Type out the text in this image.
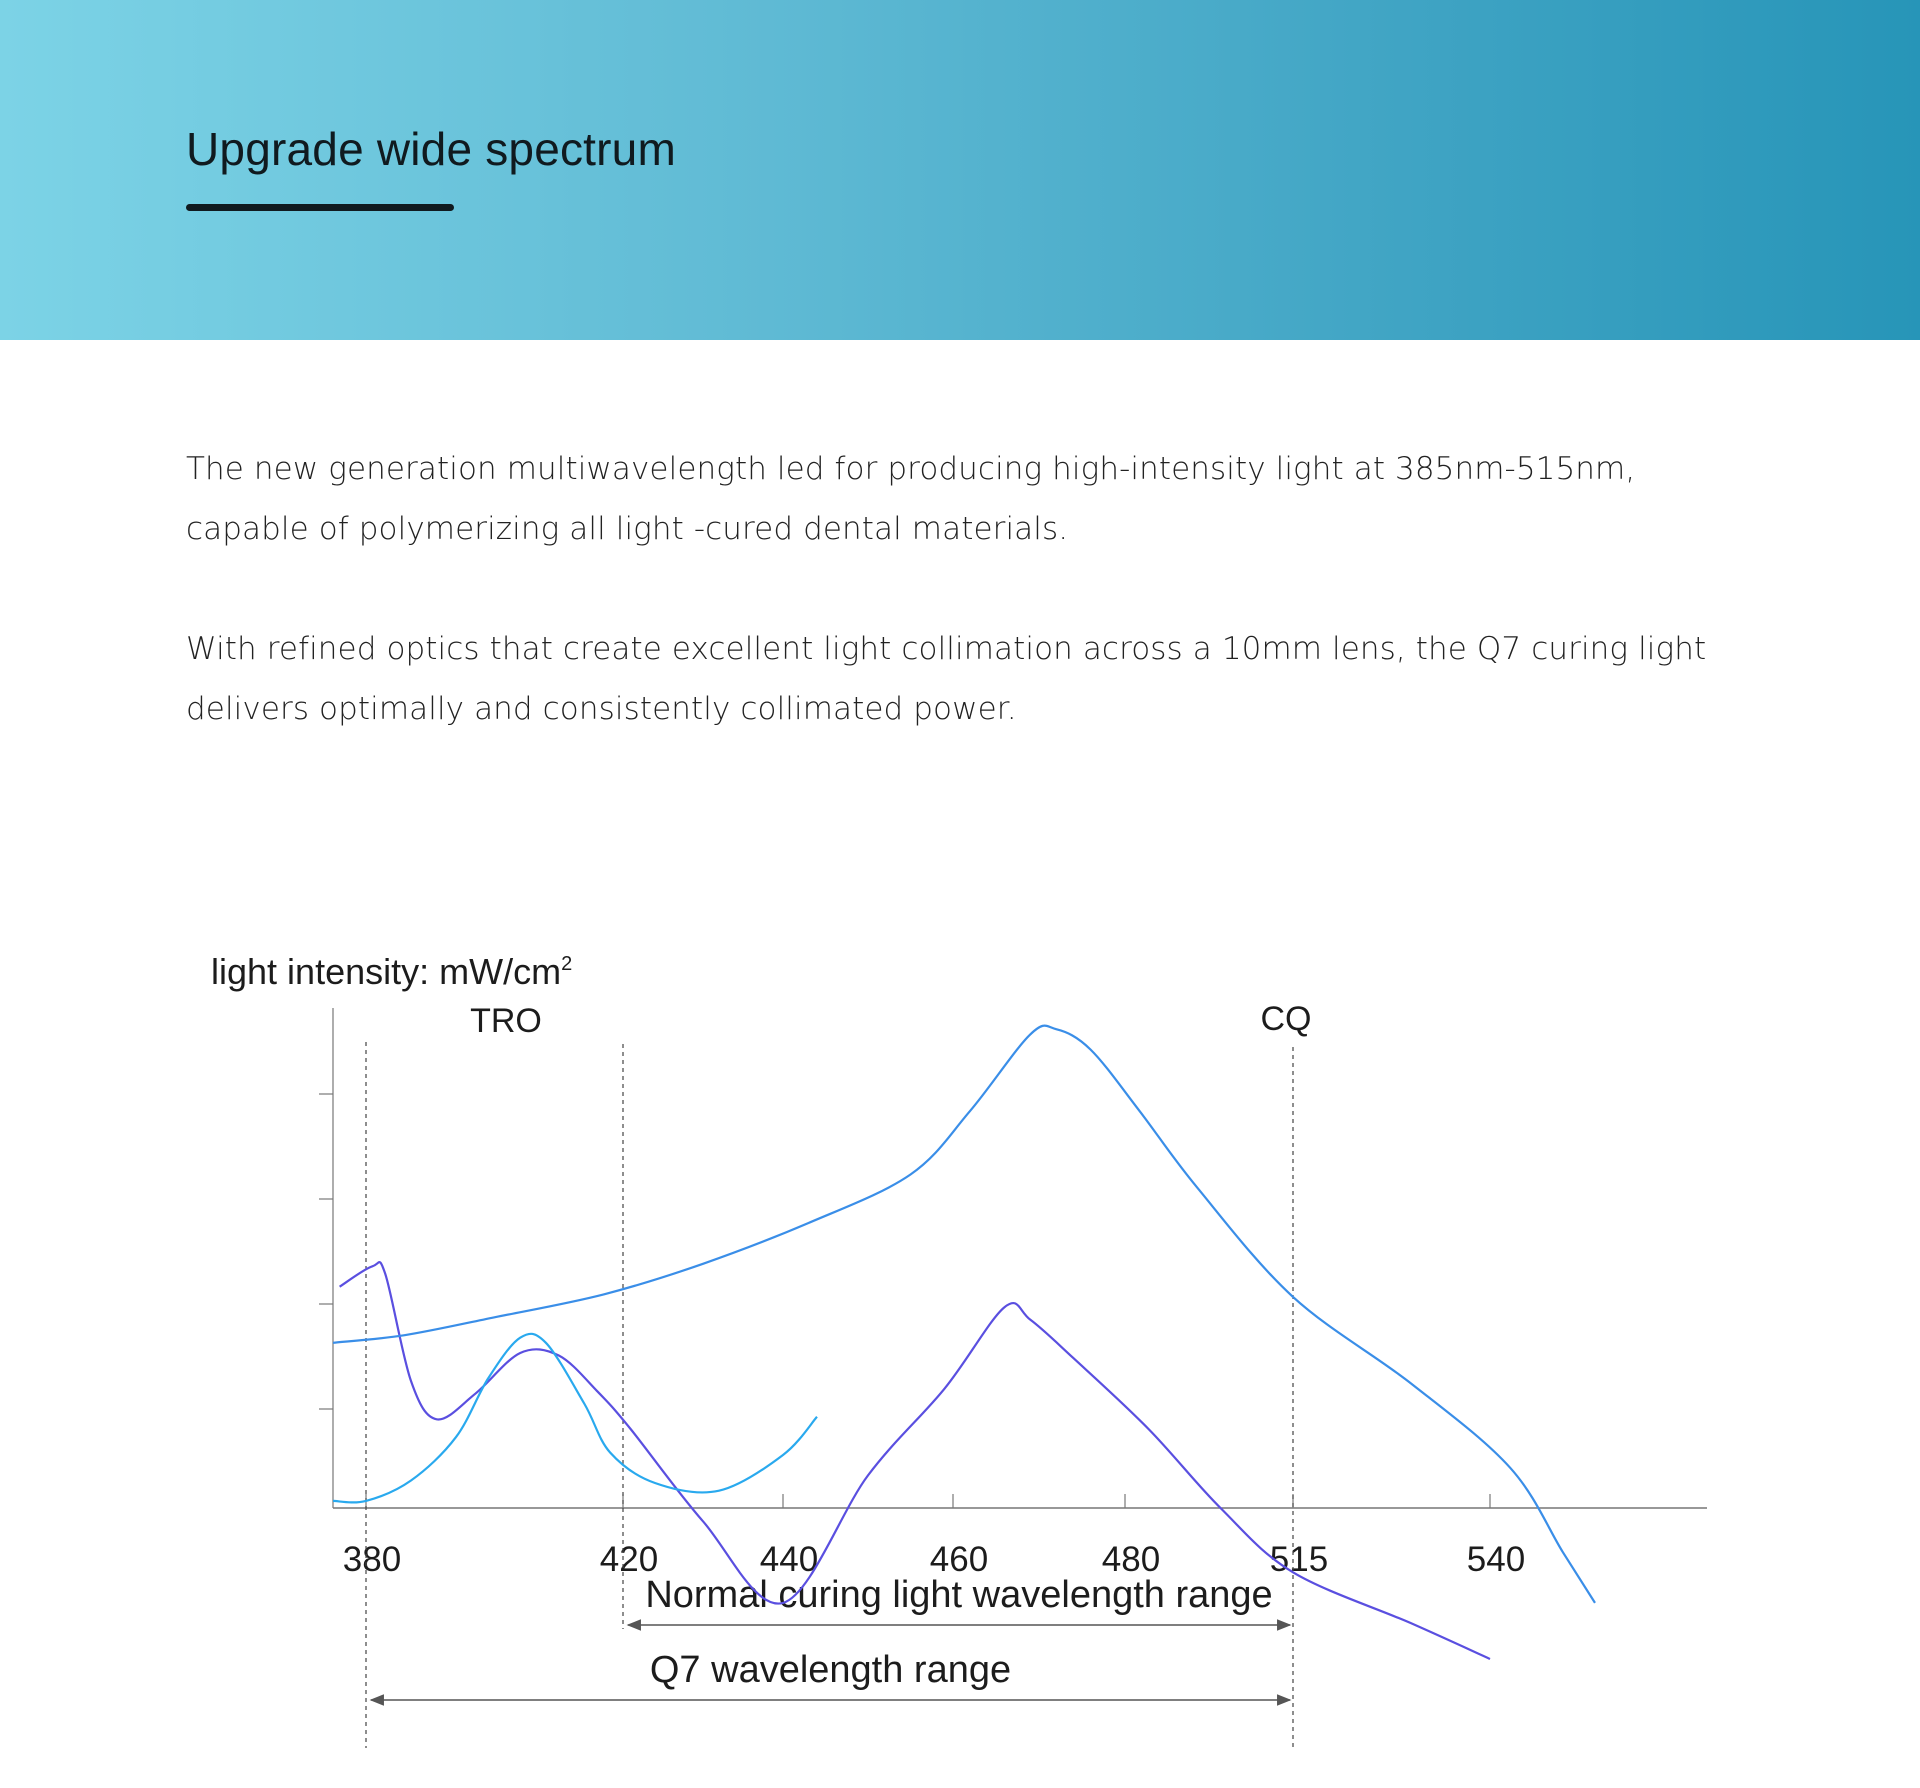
Upgrade wide spectrum

The new generation multiwavelength led for producing high-intensity light at 385nm-515nm, capable of polymerizing all light -cured dental materials.

With refined optics that create excellent light collimation across a 10mm lens, the Q7 curing light delivers optimally and consistently collimated power.

380	420	440	460	480	515	540
light intensity: $mW/cm^2$
CQ
TRO
Normal curing light wavelength range
Q7 wavelength range
